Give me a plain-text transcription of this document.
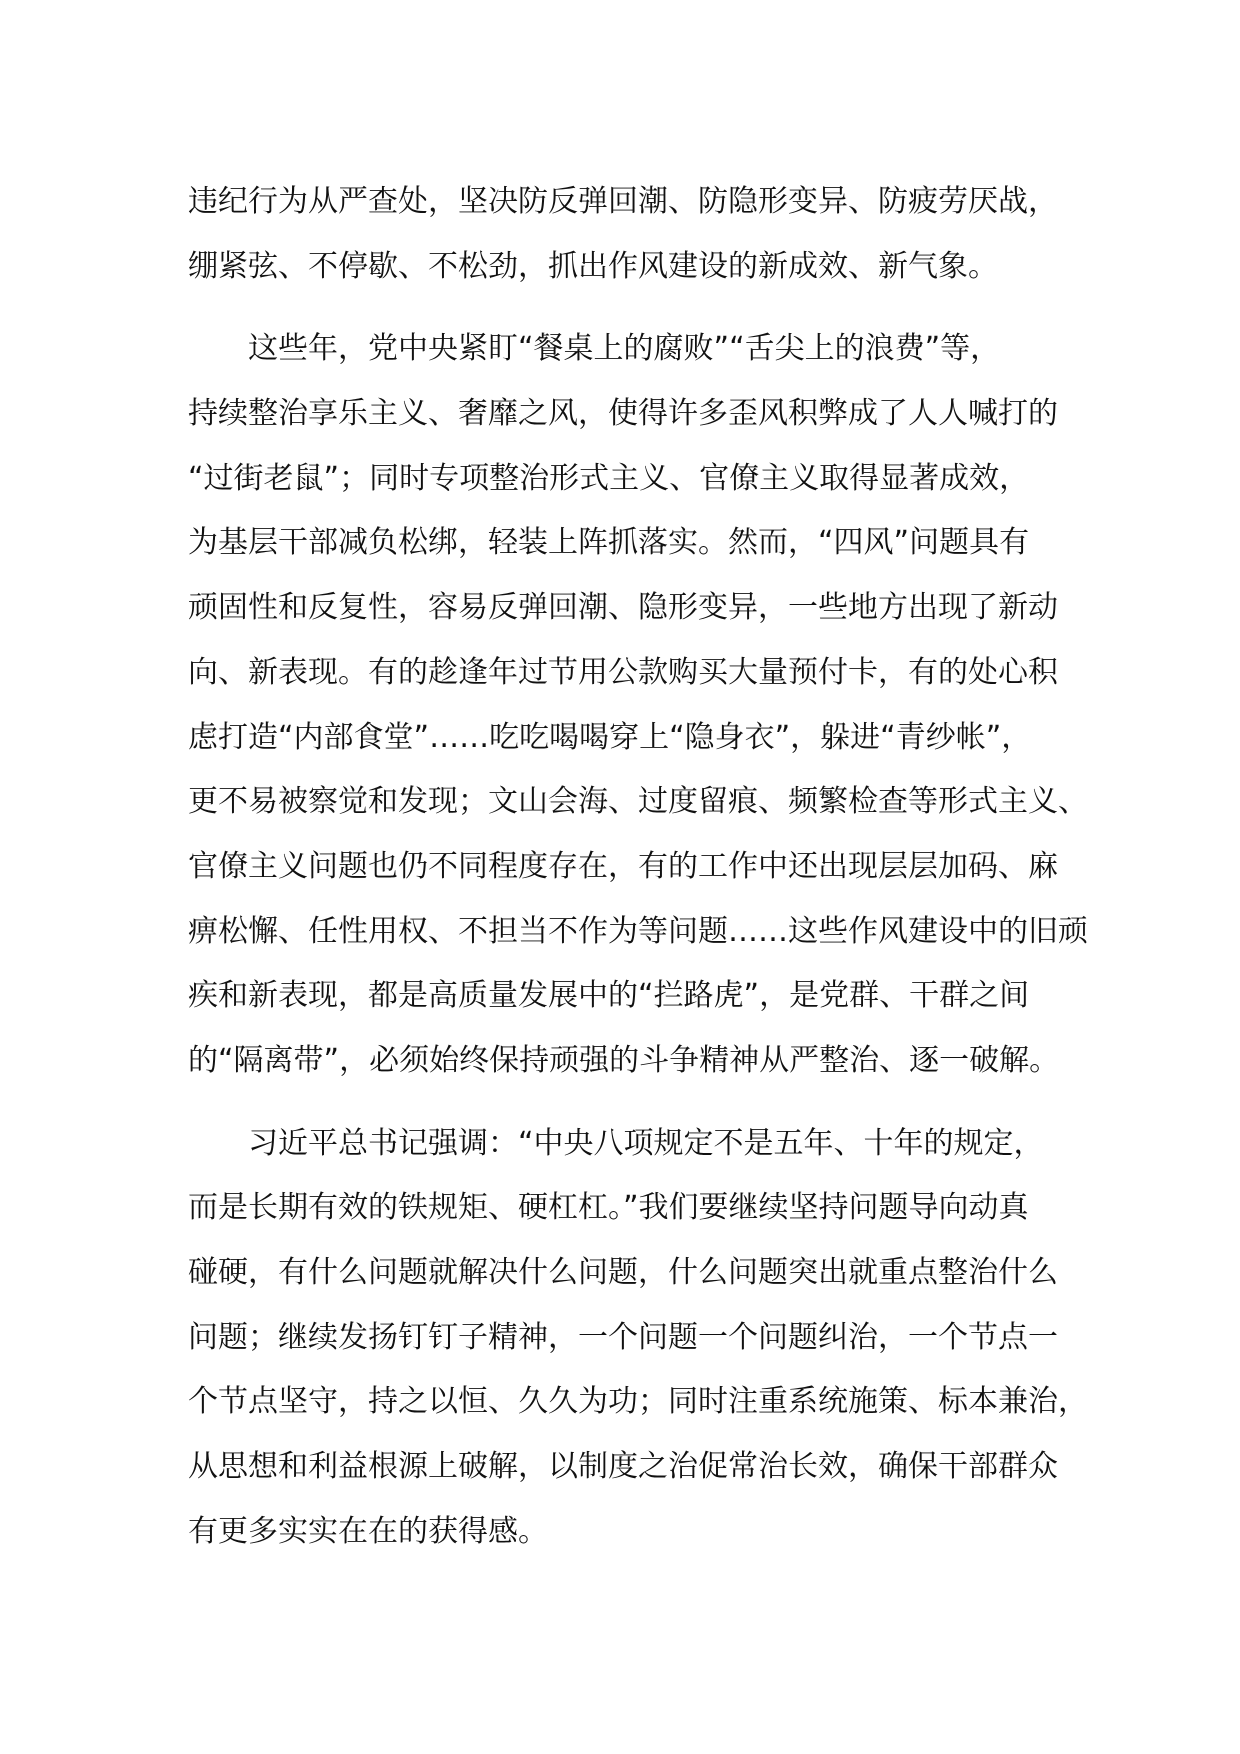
违纪行为从严查处，坚决防反弹回潮、防隐形变异、防疲劳厌战，
绷紧弦、不停歇、不松劲，抓出作风建设的新成效、新气象。
这些年，党中央紧盯“餐桌上的腐败”“舌尖上的浪费”等，
持续整治享乐主义、奢靡之风，使得许多歪风积弊成了人人喊打的
“过街老鼠”；同时专项整治形式主义、官僚主义取得显著成效，
为基层干部减负松绑，轻装上阵抓落实。然而，“四风”问题具有
顽固性和反复性，容易反弹回潮、隐形变异，一些地方出现了新动
向、新表现。有的趁逢年过节用公款购买大量预付卡，有的处心积
虑打造“内部食堂”……吃吃喝喝穿上“隐身衣”，躲进“青纱帐”，
更不易被察觉和发现；文山会海、过度留痕、频繁检查等形式主义、
官僚主义问题也仍不同程度存在，有的工作中还出现层层加码、麻
痹松懈、任性用权、不担当不作为等问题……这些作风建设中的旧顽
疾和新表现，都是高质量发展中的“拦路虎”，是党群、干群之间
的“隔离带”，必须始终保持顽强的斗争精神从严整治、逐一破解。
习近平总书记强调：“中央八项规定不是五年、十年的规定，
而是长期有效的铁规矩、硬杠杠。”我们要继续坚持问题导向动真
碰硬，有什么问题就解决什么问题，什么问题突出就重点整治什么
问题；继续发扬钉钉子精神，一个问题一个问题纠治，一个节点一
个节点坚守，持之以恒、久久为功；同时注重系统施策、标本兼治，
从思想和利益根源上破解，以制度之治促常治长效，确保干部群众
有更多实实在在的获得感。
